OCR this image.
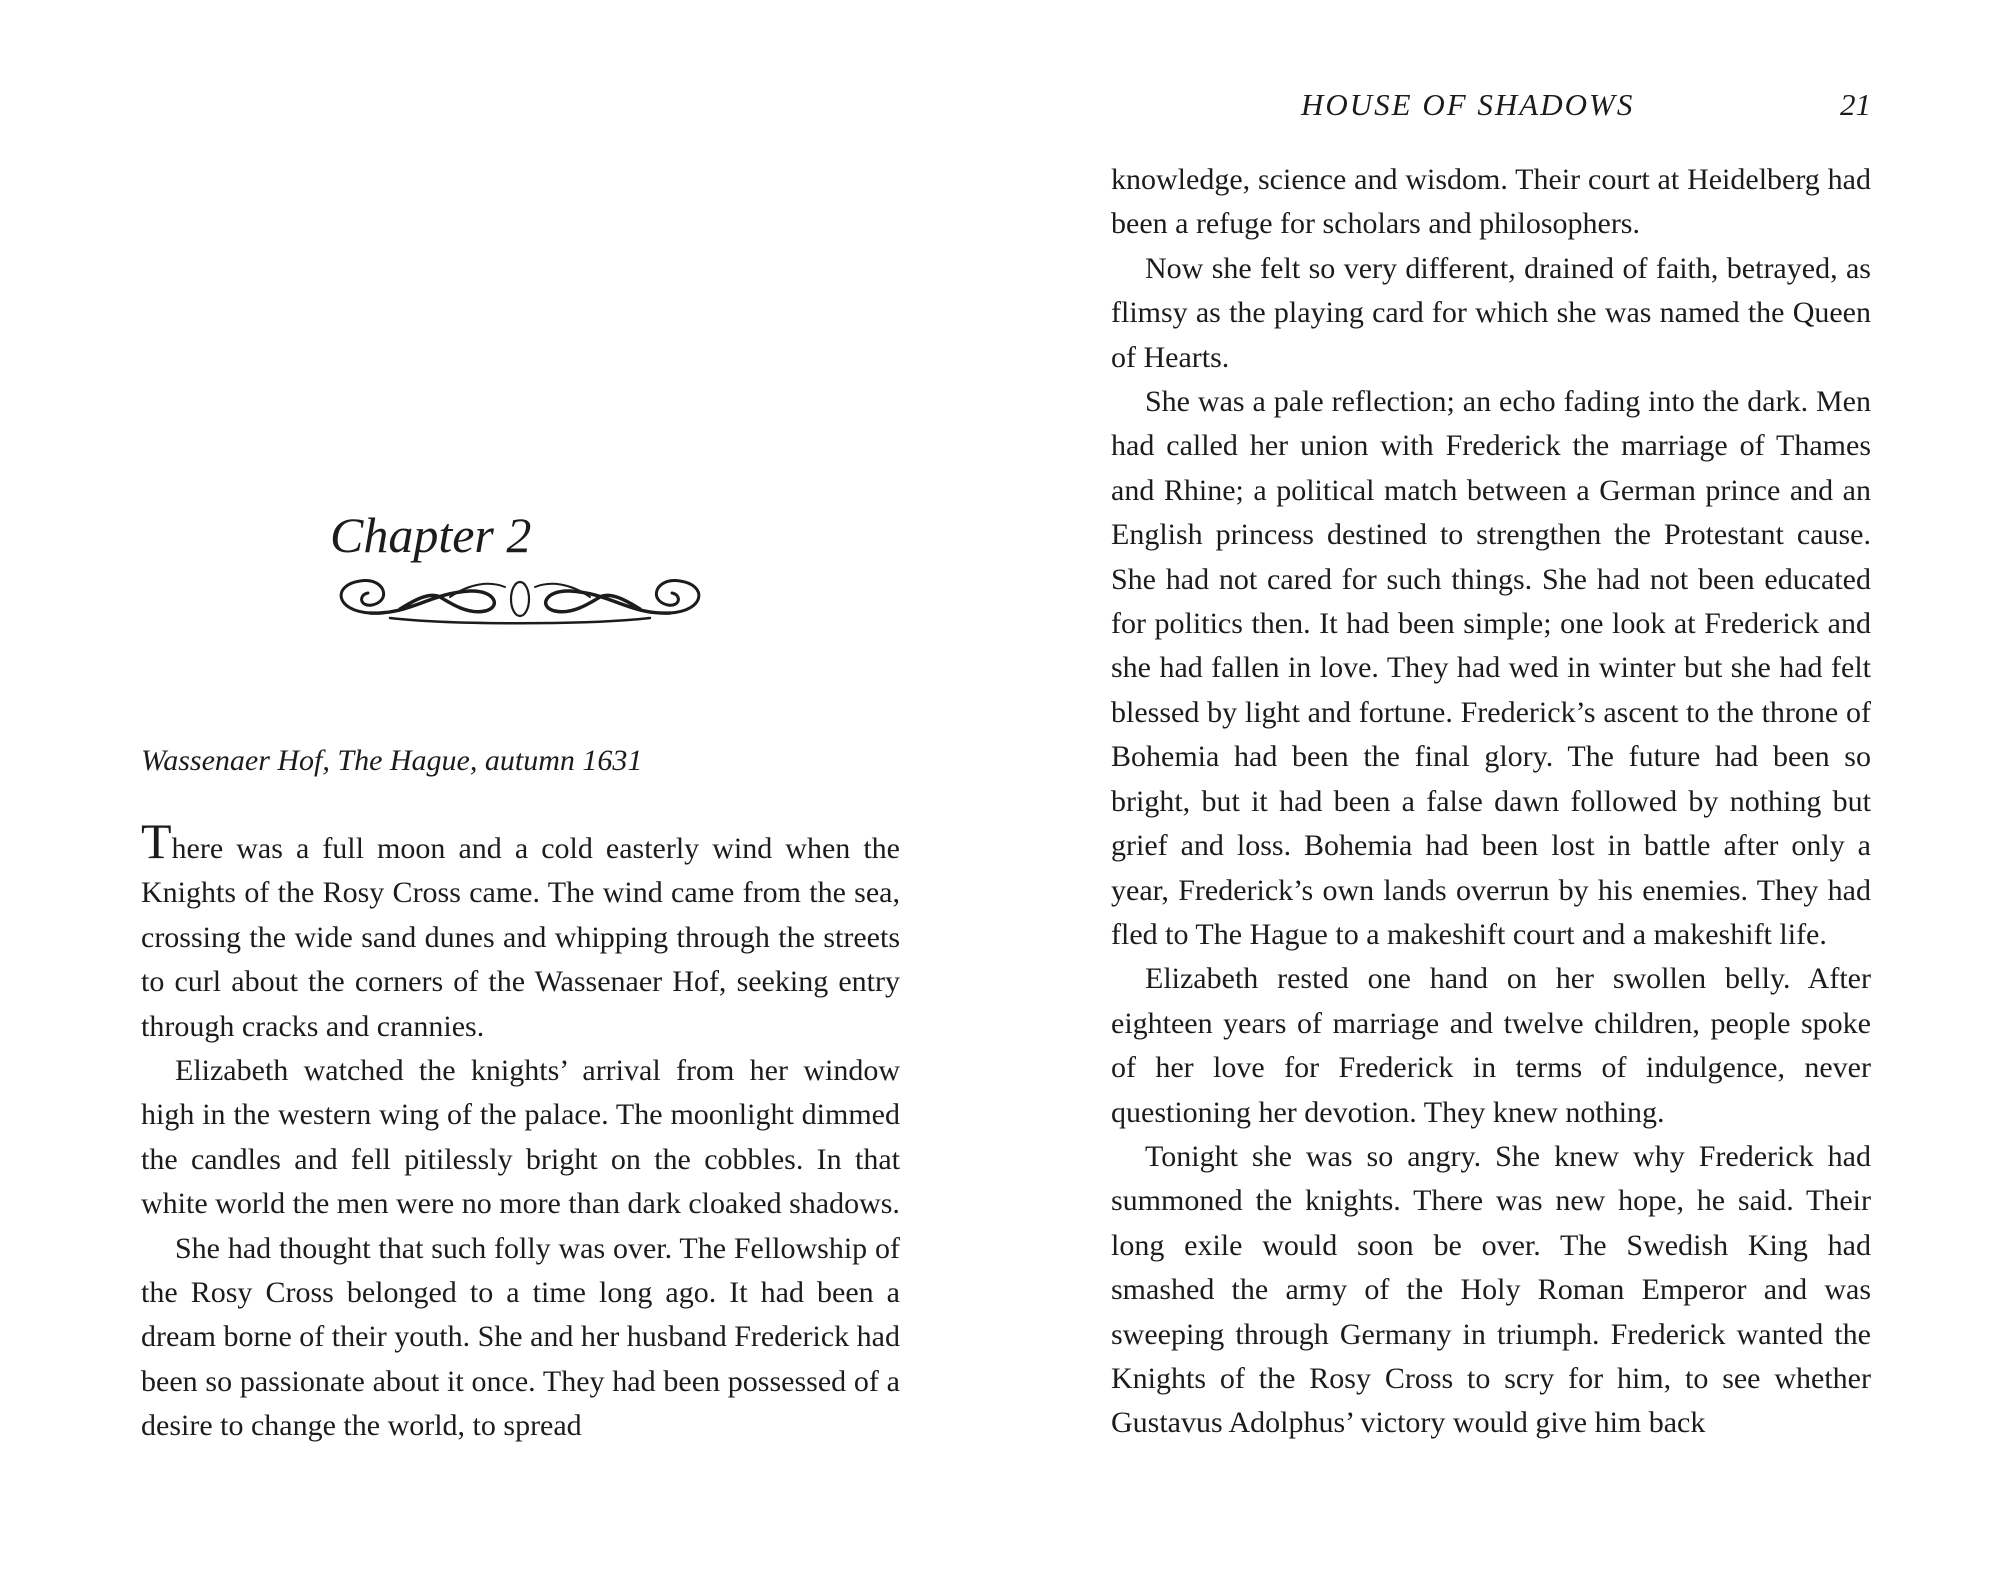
Chapter 2
Wassenaer Hof, The Hague, autumn 1631

There was a full moon and a cold easterly wind when the Knights of the Rosy Cross came. The wind came from the sea, crossing the wide sand dunes and whipping through the streets to curl about the corners of the Wassenaer Hof, seeking entry through cracks and crannies.

Elizabeth watched the knights’ arrival from her window high in the western wing of the palace. The moonlight dimmed the candles and fell pitilessly bright on the cobbles. In that white world the men were no more than dark cloaked shadows.

She had thought that such folly was over. The Fellowship of the Rosy Cross belonged to a time long ago. It had been a dream borne of their youth. She and her husband Frederick had been so passionate about it once. They had been possessed of a desire to change the world, to spread

HOUSE OF SHADOWS	21

knowledge, science and wisdom. Their court at Heidelberg had been a refuge for scholars and philosophers.

Now she felt so very different, drained of faith, betrayed, as flimsy as the playing card for which she was named the Queen of Hearts.

She was a pale reflection; an echo fading into the dark. Men had called her union with Frederick the marriage of Thames and Rhine; a political match between a German prince and an English princess destined to strengthen the Protestant cause. She had not cared for such things. She had not been educated for politics then. It had been simple; one look at Frederick and she had fallen in love. They had wed in winter but she had felt blessed by light and fortune. Frederick’s ascent to the throne of Bohemia had been the final glory. The future had been so bright, but it had been a false dawn followed by nothing but grief and loss. Bohemia had been lost in battle after only a year, Frederick’s own lands overrun by his enemies. They had fled to The Hague to a makeshift court and a makeshift life.

Elizabeth rested one hand on her swollen belly. After eighteen years of marriage and twelve children, people spoke of her love for Frederick in terms of indulgence, never questioning her devotion. They knew nothing.

Tonight she was so angry. She knew why Frederick had summoned the knights. There was new hope, he said. Their long exile would soon be over. The Swedish King had smashed the army of the Holy Roman Emperor and was sweeping through Germany in triumph. Frederick wanted the Knights of the Rosy Cross to scry for him, to see whether Gustavus Adolphus’ victory would give him back
